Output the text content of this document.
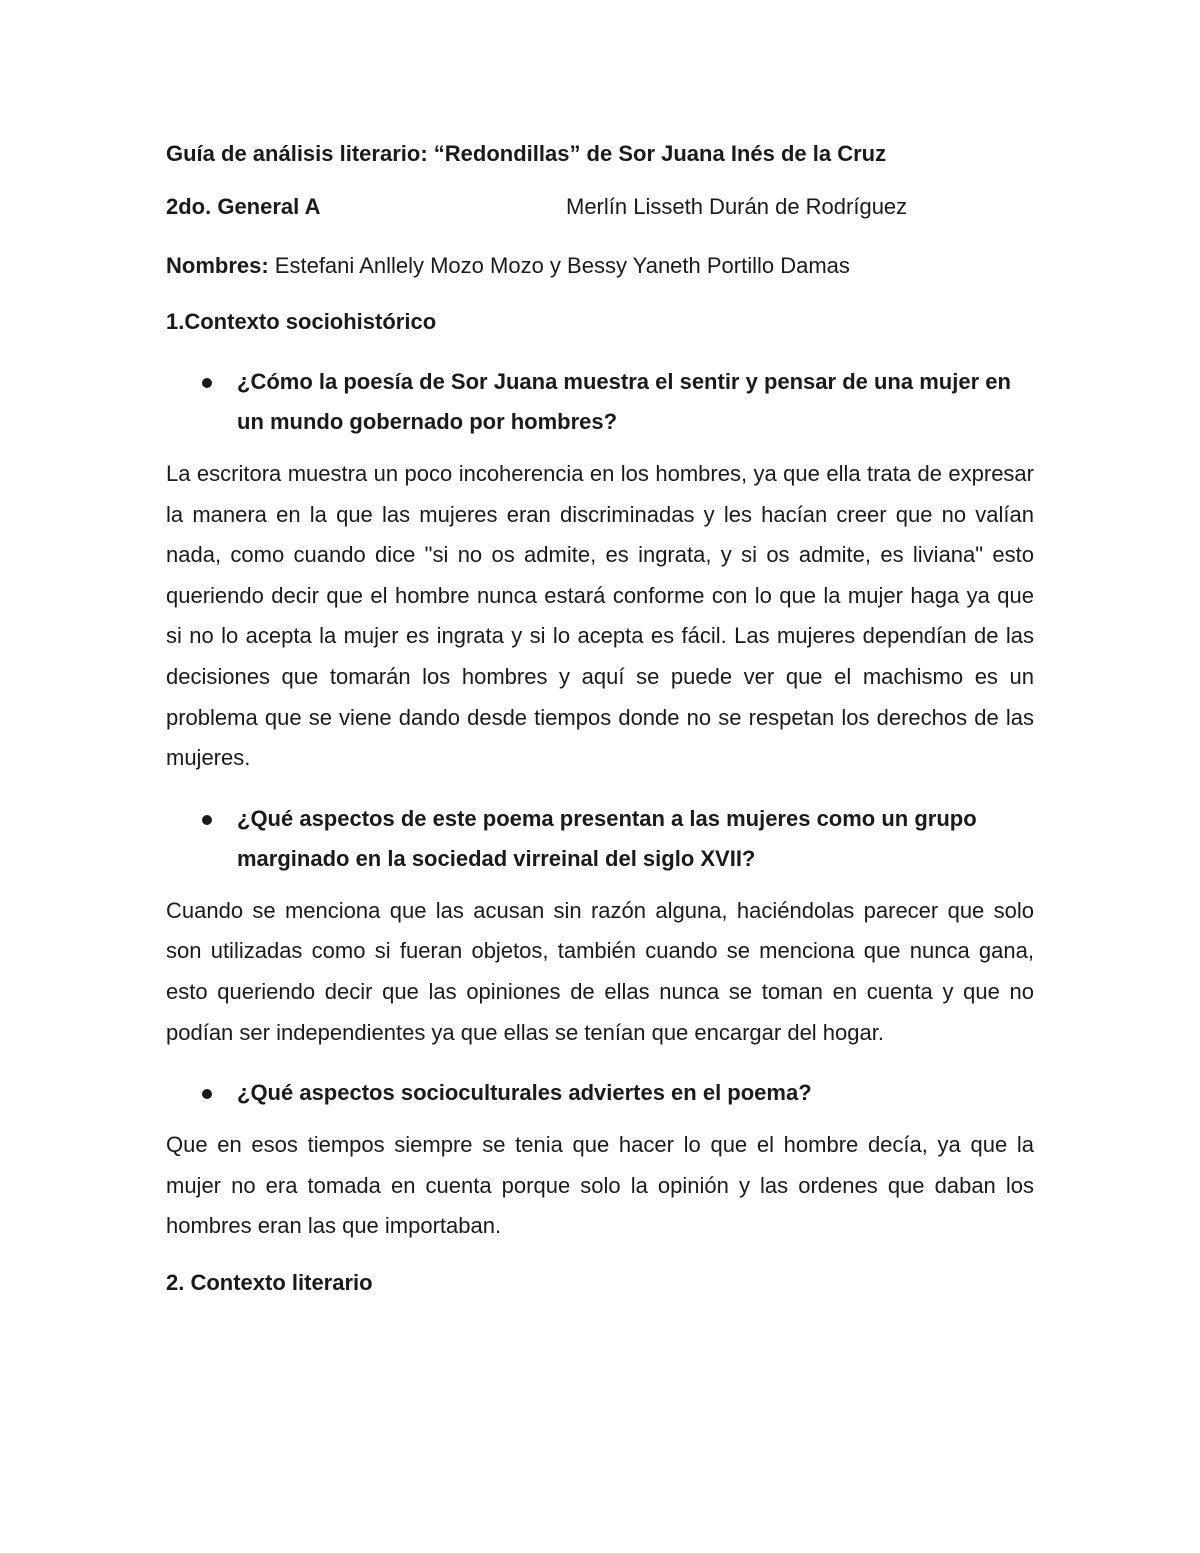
Guía de análisis literario: “Redondillas” de Sor Juana Inés de la Cruz

2do. General A	Merlín Lisseth Durán de Rodríguez

Nombres: Estefani Anllely Mozo Mozo y Bessy Yaneth Portillo Damas

1.Contexto sociohistórico

¿Cómo la poesía de Sor Juana muestra el sentir y pensar de una mujer en un mundo gobernado por hombres?

La escritora muestra un poco incoherencia en los hombres, ya que ella trata de expresar la manera en la que las mujeres eran discriminadas y les hacían creer que no valían nada, como cuando dice "si no os admite, es ingrata, y si os admite, es liviana" esto queriendo decir que el hombre nunca estará conforme con lo que la mujer haga ya que si no lo acepta la mujer es ingrata y si lo acepta es fácil. Las mujeres dependían de las decisiones que tomarán los hombres y aquí se puede ver que el machismo es un problema que se viene dando desde tiempos donde no se respetan los derechos de las mujeres.

¿Qué aspectos de este poema presentan a las mujeres como un grupo marginado en la sociedad virreinal del siglo XVII?

Cuando se menciona que las acusan sin razón alguna, haciéndolas parecer que solo son utilizadas como si fueran objetos, también cuando se menciona que nunca gana, esto queriendo decir que las opiniones de ellas nunca se toman en cuenta y que no podían ser independientes ya que ellas se tenían que encargar del hogar.

¿Qué aspectos socioculturales adviertes en el poema?

Que en esos tiempos siempre se tenia que hacer lo que el hombre decía, ya que la mujer no era tomada en cuenta porque solo la opinión y las ordenes que daban los hombres eran las que importaban.

2. Contexto literario
